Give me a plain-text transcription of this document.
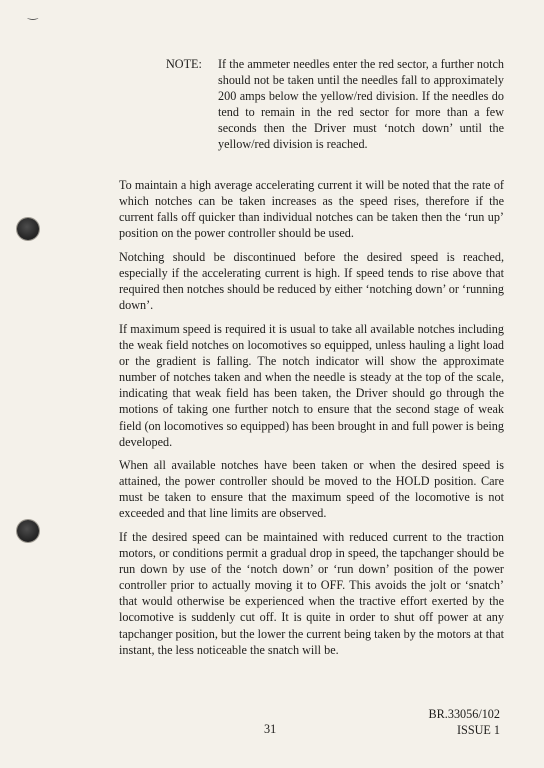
‿
NOTE: If the ammeter needles enter the red sector, a further notch should not be taken until the needles fall to approximately 200 amps below the yellow/red division. If the needles do tend to remain in the red sector for more than a few seconds then the Driver must ‘notch down’ until the yellow/red division is reached.

To maintain a high average accelerating current it will be noted that the rate of which notches can be taken increases as the speed rises, therefore if the current falls off quicker than individual notches can be taken then the ‘run up’ position on the power controller should be used.

Notching should be discontinued before the desired speed is reached, especially if the accelerating current is high. If speed tends to rise above that required then notches should be reduced by either ‘notching down’ or ‘running down’.

If maximum speed is required it is usual to take all available notches including the weak field notches on locomotives so equipped, unless hauling a light load or the gradient is falling. The notch indicator will show the approximate number of notches taken and when the needle is steady at the top of the scale, indicating that weak field has been taken, the Driver should go through the motions of taking one further notch to ensure that the second stage of weak field (on locomotives so equipped) has been brought in and full power is being developed.

When all available notches have been taken or when the desired speed is attained, the power controller should be moved to the HOLD position. Care must be taken to ensure that the maximum speed of the locomotive is not exceeded and that line limits are observed.

If the desired speed can be maintained with reduced current to the traction motors, or conditions permit a gradual drop in speed, the tapchanger should be run down by use of the ‘notch down’ or ‘run down’ position of the power controller prior to actually moving it to OFF. This avoids the jolt or ‘snatch’ that would otherwise be experienced when the tractive effort exerted by the locomotive is suddenly cut off. It is quite in order to shut off power at any tapchanger position, but the lower the current being taken by the motors at that instant, the less noticeable the snatch will be.

31
BR.33056/102
ISSUE 1
